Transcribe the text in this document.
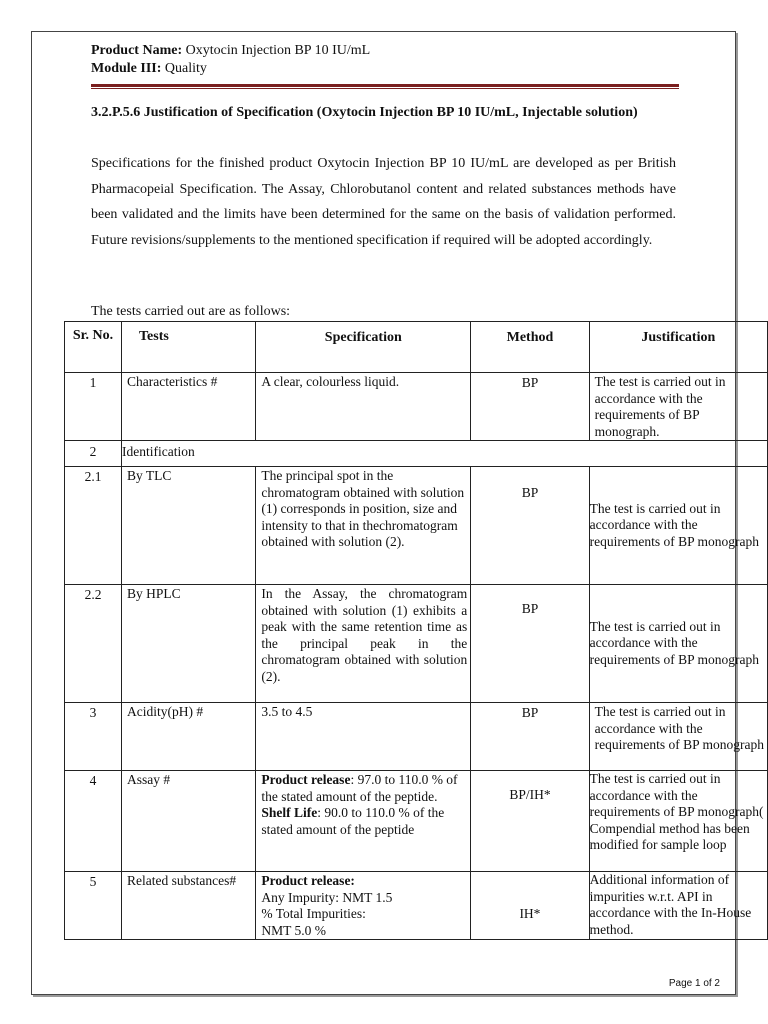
Product Name: Oxytocin Injection BP 10 IU/mL
Module III: Quality
3.2.P.5.6 Justification of Specification (Oxytocin Injection BP 10 IU/mL, Injectable solution)
Specifications for the finished product Oxytocin Injection BP 10 IU/mL are developed as per British Pharmacopeial Specification. The Assay, Chlorobutanol content and related substances methods have been validated and the limits have been determined for the same on the basis of validation performed. Future revisions/supplements to the mentioned specification if required will be adopted accordingly.
The tests carried out are as follows:
Sr. No.	Tests	Specification	Method	Justification
1	Characteristics #	A clear, colourless liquid.	BP	The test is carried out in accordance with the requirements of BP monograph.
2	Identification			
2.1	By TLC	The principal spot in the chromatogram obtained with solution (1) corresponds in position, size and intensity to that in thechromatogram obtained with solution (2).	BP	The test is carried out in accordance with the requirements of BP monograph
2.2	By HPLC	In the Assay, the chromatogram obtained with solution (1) exhibits a peak with the same retention time as the principal peak in the chromatogram obtained with solution (2).	BP	The test is carried out in accordance with the requirements of BP monograph
3	Acidity(pH) #	3.5 to 4.5	BP	The test is carried out in accordance with the requirements of BP monograph
4	Assay #	Product release: 97.0 to 110.0 % of the stated amount of the peptide.
Shelf Life: 90.0 to 110.0 % of the stated amount of the peptide	BP/IH*	The test is carried out in accordance with the requirements of BP monograph( Compendial method has been modified for sample loop
5	Related substances#	Product release:
Any Impurity: NMT 1.5
% Total Impurities:
NMT 5.0 %	IH*	Additional information of impurities w.r.t. API in accordance with the In-House method.
Page 1 of 2
